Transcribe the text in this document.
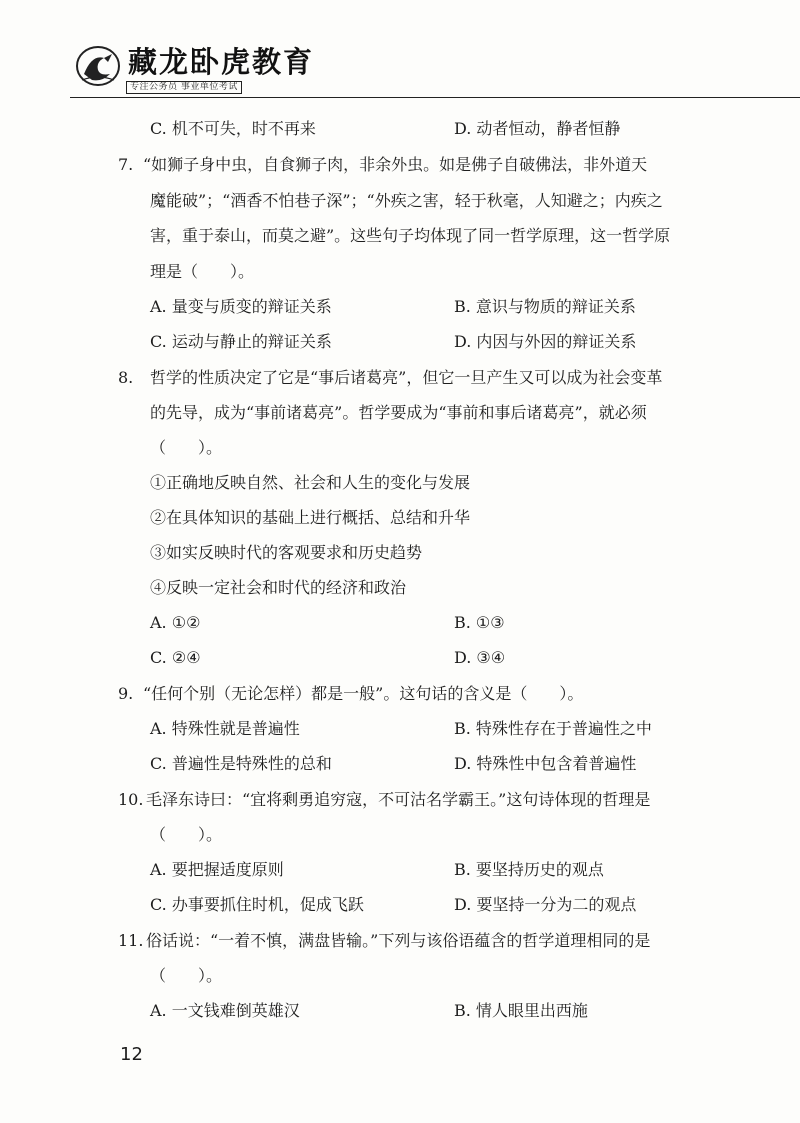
藏龙卧虎教育
专注公务员 事业单位考试
C. 机不可失，时不再来	D. 动者恒动，静者恒静
7. “如狮子身中虫，自食狮子肉，非余外虫。如是佛子自破佛法，非外道天
魔能破”；“酒香不怕巷子深”；“外疾之害，轻于秋毫，人知避之；内疾之
害，重于泰山，而莫之避”。这些句子均体现了同一哲学原理，这一哲学原
理是（　　）。
A. 量变与质变的辩证关系	B. 意识与物质的辩证关系
C. 运动与静止的辩证关系	D. 内因与外因的辩证关系
8. 哲学的性质决定了它是“事后诸葛亮”，但它一旦产生又可以成为社会变革
的先导，成为“事前诸葛亮”。哲学要成为“事前和事后诸葛亮”，就必须
（　　）。
①正确地反映自然、社会和人生的变化与发展
②在具体知识的基础上进行概括、总结和升华
③如实反映时代的客观要求和历史趋势
④反映一定社会和时代的经济和政治
A. ①②	B. ①③
C. ②④	D. ③④
9. “任何个别（无论怎样）都是一般”。这句话的含义是（　　）。
A. 特殊性就是普遍性	B. 特殊性存在于普遍性之中
C. 普遍性是特殊性的总和	D. 特殊性中包含着普遍性
10. 毛泽东诗曰：“宜将剩勇追穷寇，不可沽名学霸王。”这句诗体现的哲理是
（　　）。
A. 要把握适度原则	B. 要坚持历史的观点
C. 办事要抓住时机，促成飞跃	D. 要坚持一分为二的观点
11. 俗话说：“一着不慎，满盘皆输。”下列与该俗语蕴含的哲学道理相同的是
（　　）。
A. 一文钱难倒英雄汉	B. 情人眼里出西施
12
